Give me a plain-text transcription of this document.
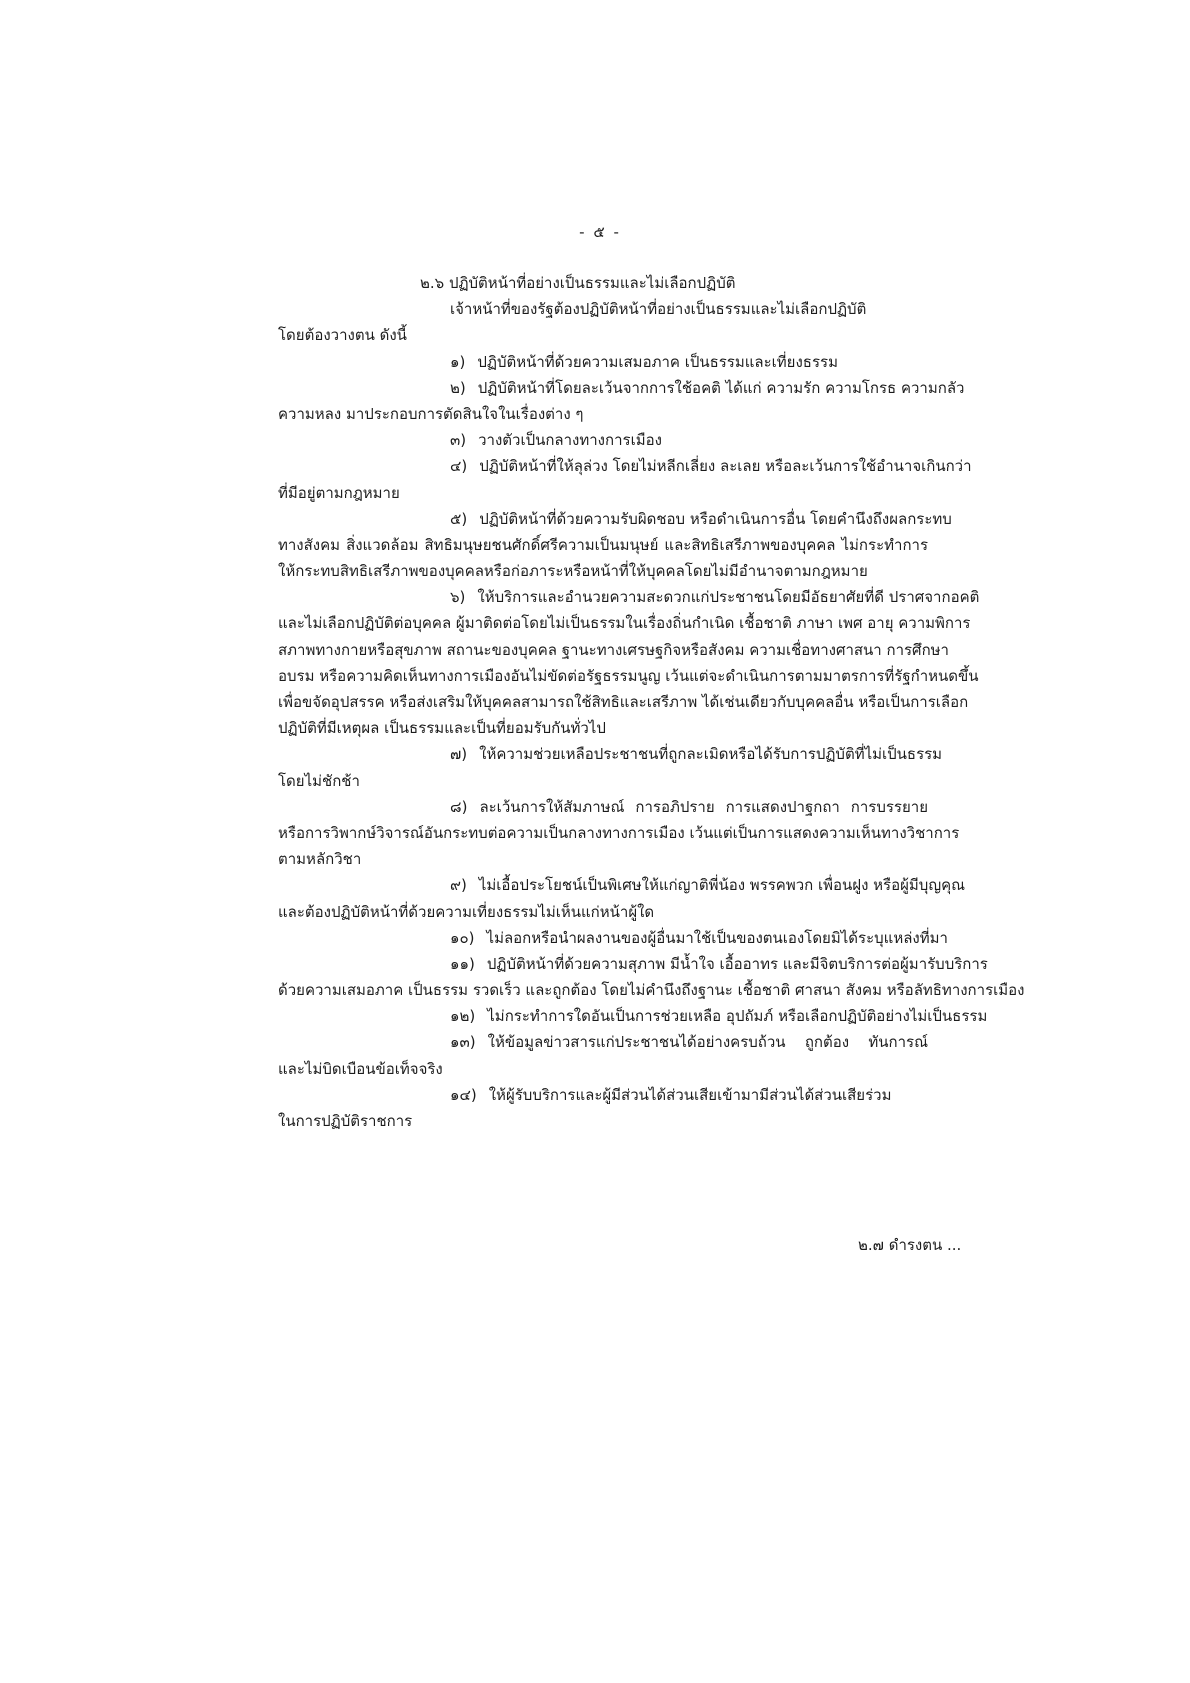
- ๕ -
๒.๖ ปฏิบัติหน้าที่อย่างเป็นธรรมและไม่เลือกปฏิบัติ
เจ้าหน้าที่ของรัฐต้องปฏิบัติหน้าที่อย่างเป็นธรรมและไม่เลือกปฏิบัติ
โดยต้องวางตน ดังนี้
๑) ปฏิบัติหน้าที่ด้วยความเสมอภาค เป็นธรรมและเที่ยงธรรม
๒) ปฏิบัติหน้าที่โดยละเว้นจากการใช้อคติ ได้แก่ ความรัก ความโกรธ ความกลัว
ความหลง มาประกอบการตัดสินใจในเรื่องต่าง ๆ
๓) วางตัวเป็นกลางทางการเมือง
๔) ปฏิบัติหน้าที่ให้ลุล่วง โดยไม่หลีกเลี่ยง ละเลย หรือละเว้นการใช้อำนาจเกินกว่า
ที่มีอยู่ตามกฎหมาย
๕) ปฏิบัติหน้าที่ด้วยความรับผิดชอบ หรือดำเนินการอื่น โดยคำนึงถึงผลกระทบ
ทางสังคม สิ่งแวดล้อม สิทธิมนุษยชนศักดิ์ศรีความเป็นมนุษย์ และสิทธิเสรีภาพของบุคคล ไม่กระทำการ
ให้กระทบสิทธิเสรีภาพของบุคคลหรือก่อภาระหรือหน้าที่ให้บุคคลโดยไม่มีอำนาจตามกฎหมาย
๖) ให้บริการและอำนวยความสะดวกแก่ประชาชนโดยมีอัธยาศัยที่ดี ปราศจากอคติ
และไม่เลือกปฏิบัติต่อบุคคล ผู้มาติดต่อโดยไม่เป็นธรรมในเรื่องถิ่นกำเนิด เชื้อชาติ ภาษา เพศ อายุ ความพิการ
สภาพทางกายหรือสุขภาพ สถานะของบุคคล ฐานะทางเศรษฐกิจหรือสังคม ความเชื่อทางศาสนา การศึกษา
อบรม หรือความคิดเห็นทางการเมืองอันไม่ขัดต่อรัฐธรรมนูญ เว้นแต่จะดำเนินการตามมาตรการที่รัฐกำหนดขึ้น
เพื่อขจัดอุปสรรค หรือส่งเสริมให้บุคคลสามารถใช้สิทธิและเสรีภาพ ได้เช่นเดียวกับบุคคลอื่น หรือเป็นการเลือก
ปฏิบัติที่มีเหตุผล เป็นธรรมและเป็นที่ยอมรับกันทั่วไป
๗) ให้ความช่วยเหลือประชาชนที่ถูกละเมิดหรือได้รับการปฏิบัติที่ไม่เป็นธรรม
โดยไม่ชักช้า
๘) ละเว้นการให้สัมภาษณ์ การอภิปราย การแสดงปาฐกถา การบรรยาย
หรือการวิพากษ์วิจารณ์อันกระทบต่อความเป็นกลางทางการเมือง เว้นแต่เป็นการแสดงความเห็นทางวิชาการ
ตามหลักวิชา
๙) ไม่เอื้อประโยชน์เป็นพิเศษให้แก่ญาติพี่น้อง พรรคพวก เพื่อนฝูง หรือผู้มีบุญคุณ
และต้องปฏิบัติหน้าที่ด้วยความเที่ยงธรรมไม่เห็นแก่หน้าผู้ใด
๑๐) ไม่ลอกหรือนำผลงานของผู้อื่นมาใช้เป็นของตนเองโดยมิได้ระบุแหล่งที่มา
๑๑) ปฏิบัติหน้าที่ด้วยความสุภาพ มีน้ำใจ เอื้ออาทร และมีจิตบริการต่อผู้มารับบริการ
ด้วยความเสมอภาค เป็นธรรม รวดเร็ว และถูกต้อง โดยไม่คำนึงถึงฐานะ เชื้อชาติ ศาสนา สังคม หรือลัทธิทางการเมือง
๑๒) ไม่กระทำการใดอันเป็นการช่วยเหลือ อุปถัมภ์ หรือเลือกปฏิบัติอย่างไม่เป็นธรรม
๑๓) ให้ข้อมูลข่าวสารแก่ประชาชนได้อย่างครบถ้วน ถูกต้อง ทันการณ์
และไม่บิดเบือนข้อเท็จจริง
๑๔) ให้ผู้รับบริการและผู้มีส่วนได้ส่วนเสียเข้ามามีส่วนได้ส่วนเสียร่วม
ในการปฏิบัติราชการ
๒.๗ ดำรงตน ...
